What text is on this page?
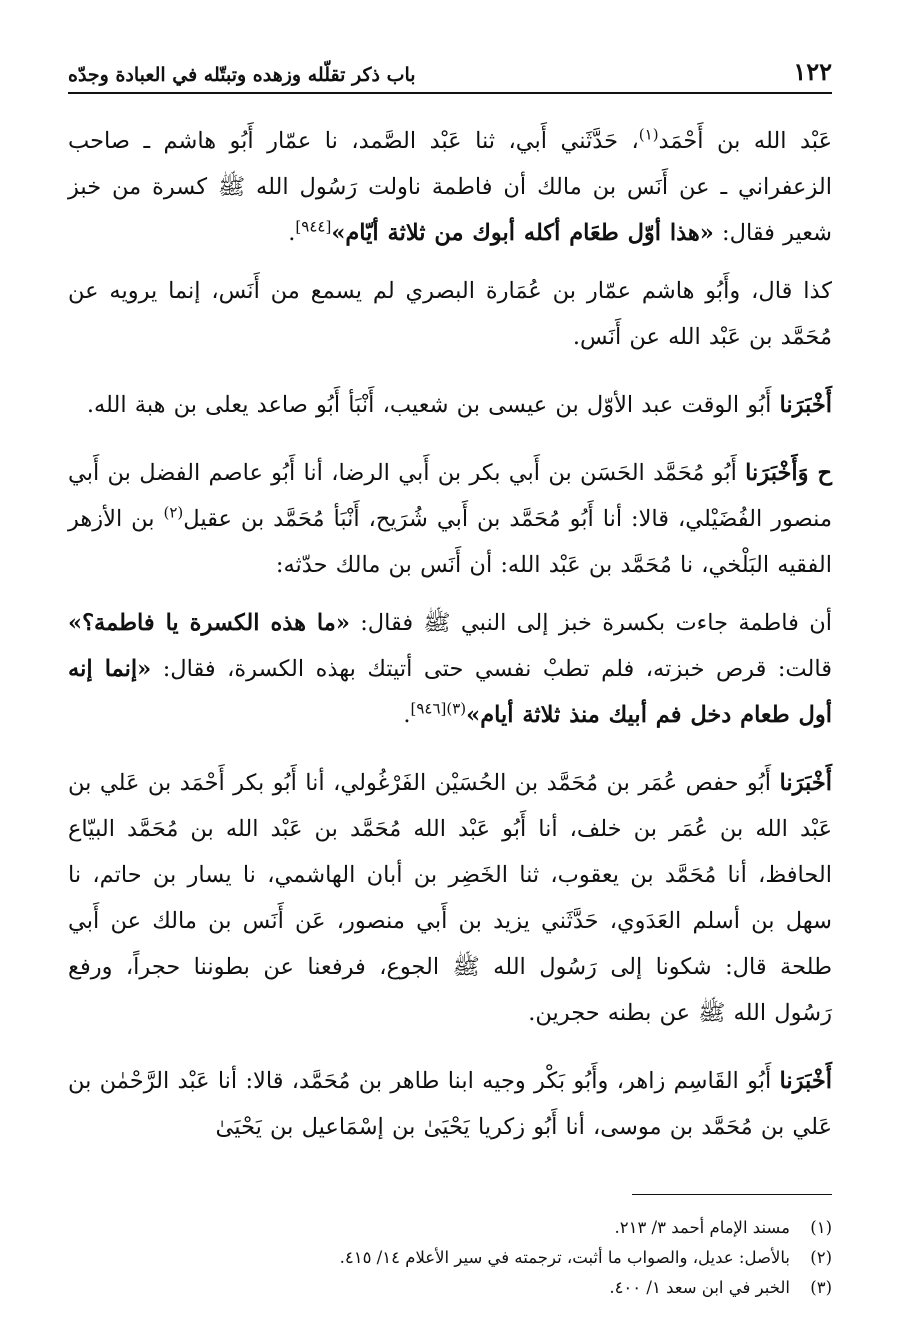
١٢٢
باب ذكر تقلّله وزهده وتبتّله في العبادة وجدّه

عَبْد الله بن أَحْمَد$^{(١)}$، حَدَّثَني أَبي، ثنا عَبْد الصَّمد، نا عمّار أَبُو هاشم ـ صاحب الزعفراني ـ عن أَنَس بن مالك أن فاطمة ناولت رَسُول الله ﷺ كسرة من خبز شعير فقال: «هذا أوّل طعَام أكله أبوك من ثلاثة أيّام»[٩٤٤].

كذا قال، وأَبُو هاشم عمّار بن عُمَارة البصري لم يسمع من أَنَس، إنما يرويه عن مُحَمَّد بن عَبْد الله عن أَنَس.

أَخْبَرَنا أَبُو الوقت عبد الأوّل بن عيسى بن شعيب، أَنْبَأ أَبُو صاعد يعلى بن هبة الله.

ح وَأَخْبَرَنا أَبُو مُحَمَّد الحَسَن بن أَبي بكر بن أَبي الرضا، أنا أَبُو عاصم الفضل بن أَبي منصور الفُضَيْلي، قالا: أنا أَبُو مُحَمَّد بن أَبي شُرَيح، أَنْبَأ مُحَمَّد بن عقيل$^{(٢)}$ بن الأزهر الفقيه البَلْخي، نا مُحَمَّد بن عَبْد الله: أن أَنَس بن مالك حدّثه:

أن فاطمة جاءت بكسرة خبز إلى النبي ﷺ فقال: «ما هذه الكسرة يا فاطمة؟» قالت: قرص خبزته، فلم تطبْ نفسي حتى أتيتك بهذه الكسرة، فقال: «إنما إنه أول طعام دخل فم أبيك منذ ثلاثة أيام»$^{(٣)[٩٤٦]}$.

أَخْبَرَنا أَبُو حفص عُمَر بن مُحَمَّد بن الحُسَيْن الفَرْغُولي، أنا أَبُو بكر أَحْمَد بن عَلي بن عَبْد الله بن عُمَر بن خلف، أنا أَبُو عَبْد الله مُحَمَّد بن عَبْد الله بن مُحَمَّد البيّاع الحافظ، أنا مُحَمَّد بن يعقوب، ثنا الخَضِر بن أبان الهاشمي، نا يسار بن حاتم، نا سهل بن أسلم العَدَوي، حَدَّثَني يزيد بن أَبي منصور، عَن أَنَس بن مالك عن أَبي طلحة قال: شكونا إلى رَسُول الله ﷺ الجوع، فرفعنا عن بطوننا حجراً، ورفع رَسُول الله ﷺ عن بطنه حجرين.

أَخْبَرَنا أَبُو القَاسِم زاهر، وأَبُو بَكْر وجيه ابنا طاهر بن مُحَمَّد، قالا: أنا عَبْد الرَّحْمٰن بن عَلي بن مُحَمَّد بن موسى، أنا أَبُو زكريا يَحْيَىٰ بن إسْمَاعيل بن يَحْيَىٰ

(١)
مسند الإمام أحمد ٣/ ٢١٣.
(٢)
بالأصل: عديل، والصواب ما أثبت، ترجمته في سير الأعلام ١٤/ ٤١٥.
(٣)
الخبر في ابن سعد ١/ ٤٠٠.
